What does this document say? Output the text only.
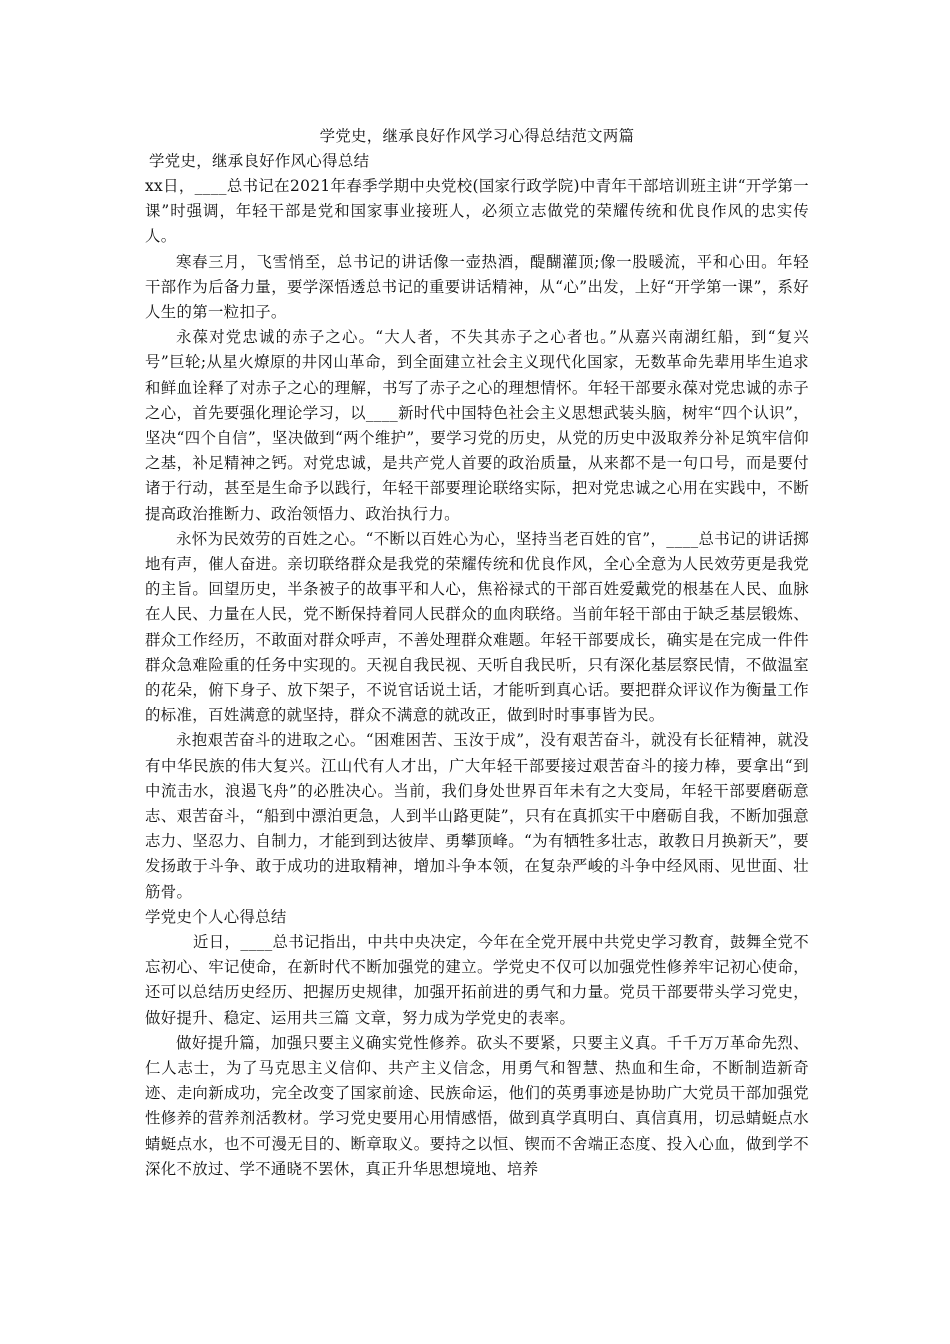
学党史，继承良好作风学习心得总结范文两篇
学党史，继承良好作风心得总结

xx日，____总书记在2021年春季学期中央党校(国家行政学院)中青年干部培训班主讲“开学第一课”时强调，年轻干部是党和国家事业接班人，必须立志做党的荣耀传统和优良作风的忠实传人。

寒春三月，飞雪悄至，总书记的讲话像一壶热酒，醍醐灌顶;像一股暖流，平和心田。年轻干部作为后备力量，要学深悟透总书记的重要讲话精神，从“心”出发，上好“开学第一课”，系好人生的第一粒扣子。

永葆对党忠诚的赤子之心。“大人者，不失其赤子之心者也。”从嘉兴南湖红船，到“复兴号”巨轮;从星火燎原的井冈山革命，到全面建立社会主义现代化国家，无数革命先辈用毕生追求和鲜血诠释了对赤子之心的理解，书写了赤子之心的理想情怀。年轻干部要永葆对党忠诚的赤子之心，首先要强化理论学习，以____新时代中国特色社会主义思想武装头脑，树牢“四个认识”，坚决“四个自信”，坚决做到“两个维护”，要学习党的历史，从党的历史中汲取养分补足筑牢信仰之基，补足精神之钙。对党忠诚，是共产党人首要的政治质量，从来都不是一句口号，而是要付诸于行动，甚至是生命予以践行，年轻干部要理论联络实际，把对党忠诚之心用在实践中，不断提高政治推断力、政治领悟力、政治执行力。

永怀为民效劳的百姓之心。“不断以百姓心为心，坚持当老百姓的官”，____总书记的讲话掷地有声，催人奋进。亲切联络群众是我党的荣耀传统和优良作风，全心全意为人民效劳更是我党的主旨。回望历史，半条被子的故事平和人心，焦裕禄式的干部百姓爱戴党的根基在人民、血脉在人民、力量在人民，党不断保持着同人民群众的血肉联络。当前年轻干部由于缺乏基层锻炼、群众工作经历，不敢面对群众呼声，不善处理群众难题。年轻干部要成长，确实是在完成一件件群众急难险重的任务中实现的。天视自我民视、天听自我民听，只有深化基层察民情，不做温室的花朵，俯下身子、放下架子，不说官话说土话，才能听到真心话。要把群众评议作为衡量工作的标准，百姓满意的就坚持，群众不满意的就改正，做到时时事事皆为民。

永抱艰苦奋斗的进取之心。“困难困苦、玉汝于成”，没有艰苦奋斗，就没有长征精神，就没有中华民族的伟大复兴。江山代有人才出，广大年轻干部要接过艰苦奋斗的接力棒，要拿出“到中流击水，浪遏飞舟”的必胜决心。当前，我们身处世界百年未有之大变局，年轻干部要磨砺意志、艰苦奋斗，“船到中漂泊更急，人到半山路更陡”，只有在真抓实干中磨砺自我，不断加强意志力、坚忍力、自制力，才能到到达彼岸、勇攀顶峰。“为有牺牲多壮志，敢教日月换新天”，要发扬敢于斗争、敢于成功的进取精神，增加斗争本领，在复杂严峻的斗争中经风雨、见世面、壮筋骨。

学党史个人心得总结

近日，____总书记指出，中共中央决定，今年在全党开展中共党史学习教育，鼓舞全党不忘初心、牢记使命，在新时代不断加强党的建立。学党史不仅可以加强党性修养牢记初心使命，还可以总结历史经历、把握历史规律，加强开拓前进的勇气和力量。党员干部要带头学习党史，做好提升、稳定、运用共三篇 文章，努力成为学党史的表率。

做好提升篇，加强只要主义确实党性修养。砍头不要紧，只要主义真。千千万万革命先烈、仁人志士，为了马克思主义信仰、共产主义信念，用勇气和智慧、热血和生命，不断制造新奇迹、走向新成功，完全改变了国家前途、民族命运，他们的英勇事迹是协助广大党员干部加强党性修养的营养剂活教材。学习党史要用心用情感悟，做到真学真明白、真信真用，切忌蜻蜓点水蜻蜓点水，也不可漫无目的、断章取义。要持之以恒、锲而不舍端正态度、投入心血，做到学不深化不放过、学不通晓不罢休，真正升华思想境地、培养
